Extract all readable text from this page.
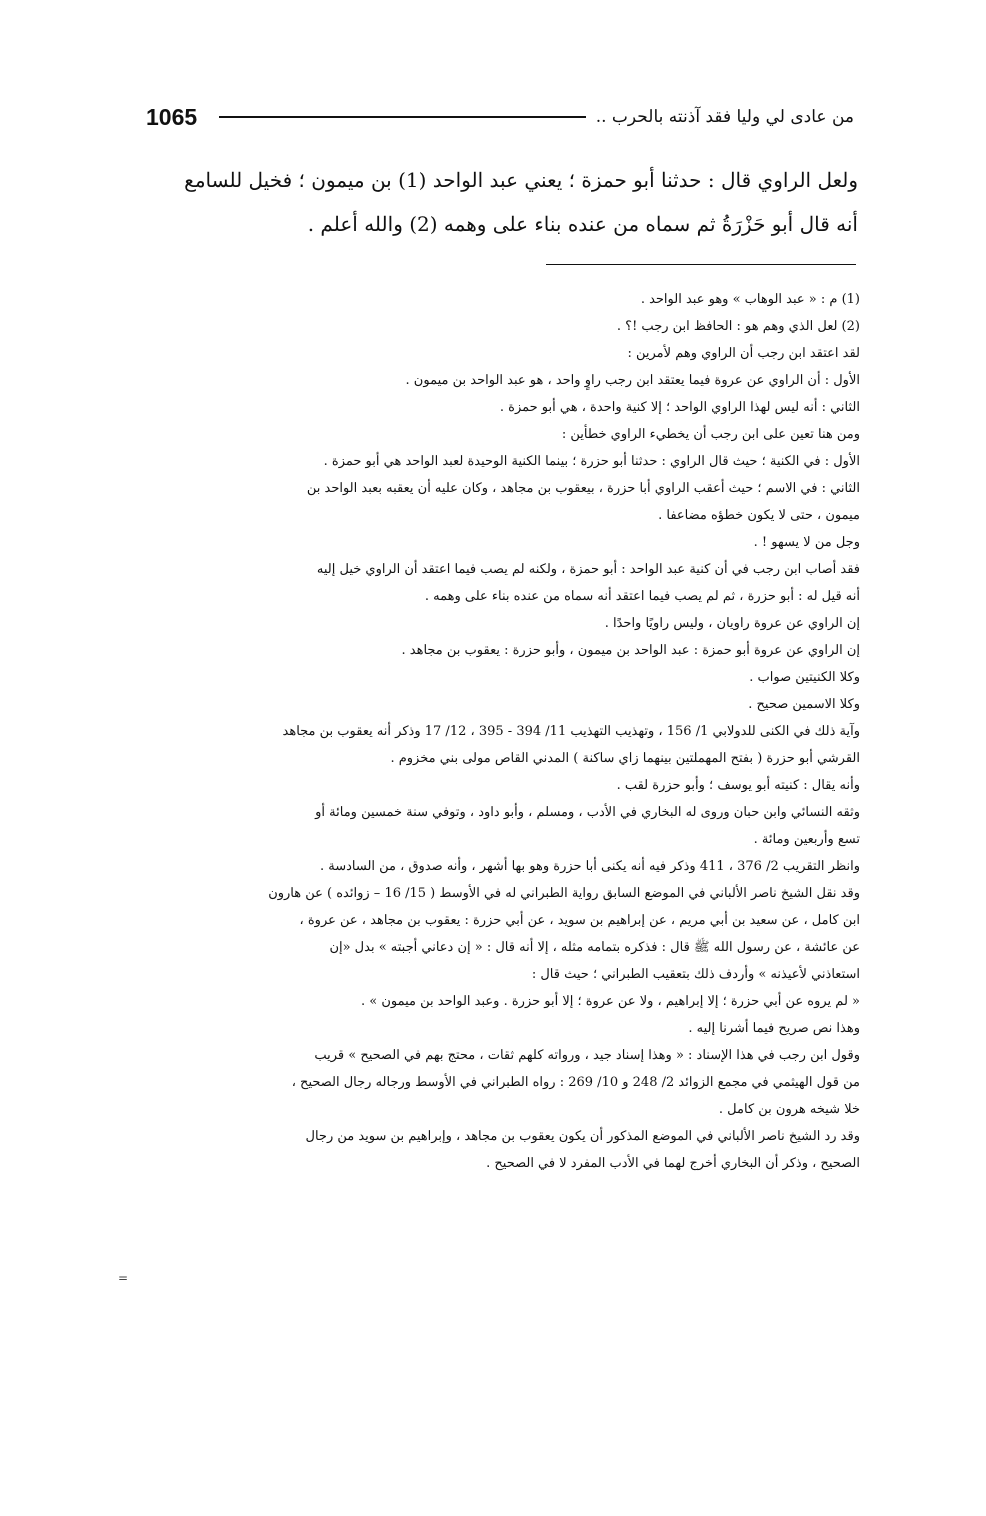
1065	من عادى لي وليا فقد آذنته بالحرب ..

ولعل الراوي قال : حدثنا أبو حمزة ؛ يعني عبد الواحد (1) بن ميمون ؛ فخيل للسامع

أنه قال أبو حَزْرَةُ ثم سماه من عنده بناء على وهمه (2) والله أعلم .

(1) م : « عبد الوهاب » وهو عبد الواحد .

(2) لعل الذي وهم هو : الحافظ ابن رجب !؟ .

لقد اعتقد ابن رجب أن الراوي وهم لأمرين :

الأول : أن الراوي عن عروة فيما يعتقد ابن رجب راوٍ واحد ، هو عبد الواحد بن ميمون .

الثاني : أنه ليس لهذا الراوي الواحد ؛ إلا كنية واحدة ، هي أبو حمزة .

ومن هنا تعين على ابن رجب أن يخطيء الراوي خطأين :

الأول : في الكنية ؛ حيث قال الراوي : حدثنا أبو حزرة ؛ بينما الكنية الوحيدة لعبد الواحد هي أبو حمزة .

الثاني : في الاسم ؛ حيث أعقب الراوي أبا حزرة ، بيعقوب بن مجاهد ، وكان عليه أن يعقبه بعبد الواحد بن

ميمون ، حتى لا يكون خطؤه مضاعفا .

وجل من لا يسهو ! .

فقد أصاب ابن رجب في أن كنية عبد الواحد : أبو حمزة ، ولكنه لم يصب فيما اعتقد أن الراوي خيل إليه

أنه قيل له : أبو حزرة ، ثم لم يصب فيما اعتقد أنه سماه من عنده بناء على وهمه .

إن الراوي عن عروة راويان ، وليس راويًا واحدًا .

إن الراوي عن عروة أبو حمزة : عبد الواحد بن ميمون ، وأبو حزرة : يعقوب بن مجاهد .

وكلا الكنيتين صواب .

وكلا الاسمين صحيح .

وآية ذلك في الكنى للدولابي 1/ 156 ، وتهذيب التهذيب 11/ 394 - 395 ، 12/ 17 وذكر أنه يعقوب بن مجاهد

القرشي أبو حزرة ( بفتح المهملتين بينهما زاي ساكنة ) المدني القاص مولى بني مخزوم .

وأنه يقال : كنيته أبو يوسف ؛ وأبو حزرة لقب .

وثقه النسائي وابن حبان وروى له البخاري في الأدب ، ومسلم ، وأبو داود ، وتوفي سنة خمسين ومائة أو

تسع وأربعين ومائة .

وانظر التقريب 2/ 376 ، 411 وذكر فيه أنه يكنى أبا حزرة وهو بها أشهر ، وأنه صدوق ، من السادسة .

وقد نقل الشيخ ناصر الألباني في الموضع السابق رواية الطبراني له في الأوسط ( 15/ 16 – زوائده ) عن هارون

ابن كامل ، عن سعيد بن أبي مريم ، عن إبراهيم بن سويد ، عن أبي حزرة : يعقوب بن مجاهد ، عن عروة ،

عن عائشة ، عن رسول الله ﷺ قال : فذكره بتمامه مثله ، إلا أنه قال : « إن دعاني أجبته » بدل «إن

استعاذني لأعيذنه » وأردف ذلك بتعقيب الطبراني ؛ حيث قال :

« لم يروه عن أبي حزرة ؛ إلا إبراهيم ، ولا عن عروة ؛ إلا أبو حزرة . وعبد الواحد بن ميمون » .

وهذا نص صريح فيما أشرنا إليه .

وقول ابن رجب في هذا الإسناد : « وهذا إسناد جيد ، ورواته كلهم ثقات ، محتج بهم في الصحيح » قريب

من قول الهيثمي في مجمع الزوائد 2/ 248 و 10/ 269 : رواه الطبراني في الأوسط ورجاله رجال الصحيح ،

خلا شيخه هرون بن كامل .

وقد رد الشيخ ناصر الألباني في الموضع المذكور أن يكون يعقوب بن مجاهد ، وإبراهيم بن سويد من رجال

الصحيح ، وذكر أن البخاري أخرج لهما في الأدب المفرد لا في الصحيح .

=
